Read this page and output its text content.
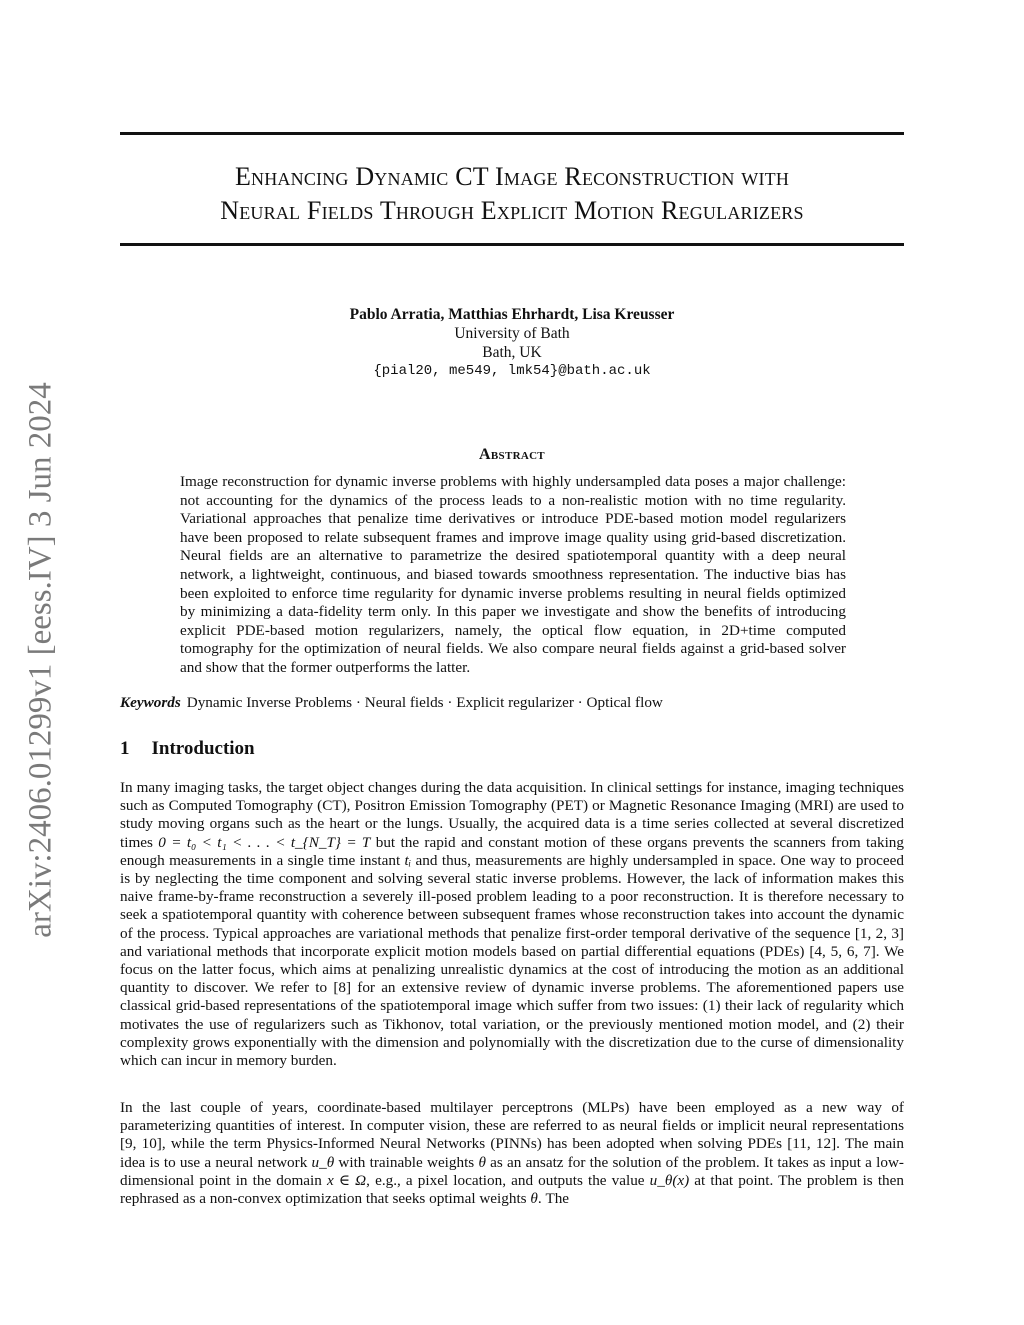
arXiv:2406.01299v1 [eess.IV] 3 Jun 2024
Enhancing Dynamic CT Image Reconstruction with
Neural Fields Through Explicit Motion Regularizers
Pablo Arratia, Matthias Ehrhardt, Lisa Kreusser
University of Bath
Bath, UK
{pial20, me549, lmk54}@bath.ac.uk
Abstract
Image reconstruction for dynamic inverse problems with highly undersampled data poses a major challenge: not accounting for the dynamics of the process leads to a non-realistic motion with no time regularity. Variational approaches that penalize time derivatives or introduce PDE-based motion model regularizers have been proposed to relate subsequent frames and improve image quality using grid-based discretization. Neural fields are an alternative to parametrize the desired spatiotemporal quantity with a deep neural network, a lightweight, continuous, and biased towards smoothness representation. The inductive bias has been exploited to enforce time regularity for dynamic inverse problems resulting in neural fields optimized by minimizing a data-fidelity term only. In this paper we investigate and show the benefits of introducing explicit PDE-based motion regularizers, namely, the optical flow equation, in 2D+time computed tomography for the optimization of neural fields. We also compare neural fields against a grid-based solver and show that the former outperforms the latter.
Keywords Dynamic Inverse Problems · Neural fields · Explicit regularizer · Optical flow
1 Introduction
In many imaging tasks, the target object changes during the data acquisition. In clinical settings for instance, imaging techniques such as Computed Tomography (CT), Positron Emission Tomography (PET) or Magnetic Resonance Imaging (MRI) are used to study moving organs such as the heart or the lungs. Usually, the acquired data is a time series collected at several discretized times 0 = t₀ < t₁ < . . . < t_{N_T} = T but the rapid and constant motion of these organs prevents the scanners from taking enough measurements in a single time instant tᵢ and thus, measurements are highly undersampled in space. One way to proceed is by neglecting the time component and solving several static inverse problems. However, the lack of information makes this naive frame-by-frame reconstruction a severely ill-posed problem leading to a poor reconstruction. It is therefore necessary to seek a spatiotemporal quantity with coherence between subsequent frames whose reconstruction takes into account the dynamic of the process. Typical approaches are variational methods that penalize first-order temporal derivative of the sequence [1, 2, 3] and variational methods that incorporate explicit motion models based on partial differential equations (PDEs) [4, 5, 6, 7]. We focus on the latter focus, which aims at penalizing unrealistic dynamics at the cost of introducing the motion as an additional quantity to discover. We refer to [8] for an extensive review of dynamic inverse problems. The aforementioned papers use classical grid-based representations of the spatiotemporal image which suffer from two issues: (1) their lack of regularity which motivates the use of regularizers such as Tikhonov, total variation, or the previously mentioned motion model, and (2) their complexity grows exponentially with the dimension and polynomially with the discretization due to the curse of dimensionality which can incur in memory burden.
In the last couple of years, coordinate-based multilayer perceptrons (MLPs) have been employed as a new way of parameterizing quantities of interest. In computer vision, these are referred to as neural fields or implicit neural representations [9, 10], while the term Physics-Informed Neural Networks (PINNs) has been adopted when solving PDEs [11, 12]. The main idea is to use a neural network u_θ with trainable weights θ as an ansatz for the solution of the problem. It takes as input a low-dimensional point in the domain x ∈ Ω, e.g., a pixel location, and outputs the value u_θ(x) at that point. The problem is then rephrased as a non-convex optimization that seeks optimal weights θ. The
